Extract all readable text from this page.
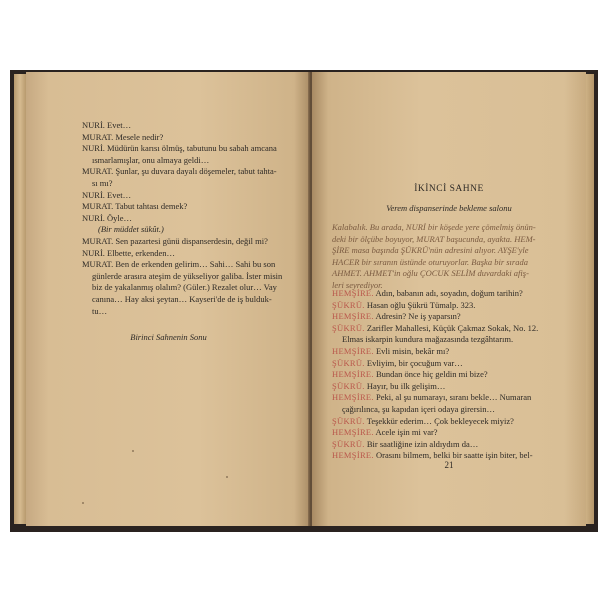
NURİ. Evet…
MURAT. Mesele nedir?
NURİ. Müdürün karısı ölmüş, tabutunu bu sabah amcana
ısmarlamışlar, onu almaya geldi…
MURAT. Şunlar, şu duvara dayalı döşemeler, tabut tahta-
sı mı?
NURİ. Evet…
MURAT. Tabut tahtası demek?
NURİ. Öyle…
(Bir müddet sükût.)
MURAT. Sen pazartesi günü dispanserdesin, değil mi?
NURİ. Elbette, erkenden…
MURAT. Ben de erkenden gelirim… Sahi… Sahi bu son
günlerde arasıra ateşim de yükseliyor galiba. İster misin
biz de yakalanmış olalım? (Güler.) Rezalet olur… Vay
canına… Hay aksi şeytan… Kayseri'de de iş bulduk-
tu…
Birinci Sahnenin Sonu
İKİNCİ SAHNE
Verem dispanserinde bekleme salonu
Kalabalık. Bu arada, NURİ bir köşede yere çömelmiş önün-
deki bir ölçübe boyuyor, MURAT başucunda, ayakta. HEM-
ŞİRE masa başında ŞÜKRÜ'nün adresini alıyor. AYŞE'yle
HACER bir sıranın üstünde oturuyorlar. Başka bir sırada
AHMET. AHMET'in oğlu ÇOCUK SELİM duvardaki afiş-
leri seyrediyor.
HEMŞİRE. Adın, babanın adı, soyadın, doğum tarihin?
ŞÜKRÜ. Hasan oğlu Şükrü Tümalp. 323.
HEMŞİRE. Adresin? Ne iş yaparsın?
ŞÜKRÜ. Zarifler Mahallesi, Küçük Çakmaz Sokak, No. 12.
Elmas iskarpin kundura mağazasında tezgâhtarım.
HEMŞİRE. Evli misin, bekâr mı?
ŞÜKRÜ. Evliyim, bir çocuğum var…
HEMŞİRE. Bundan önce hiç geldin mi bize?
ŞÜKRÜ. Hayır, bu ilk gelişim…
HEMŞİRE. Peki, al şu numarayı, sıranı bekle… Numaran
çağırılınca, şu kapıdan içeri odaya girersin…
ŞÜKRÜ. Teşekkür ederim… Çok bekleyecek miyiz?
HEMŞİRE. Acele işin mi var?
ŞÜKRÜ. Bir saatliğine izin aldıydım da…
HEMŞİRE. Orasını bilmem, belki bir saatte işin biter, bel-
21
